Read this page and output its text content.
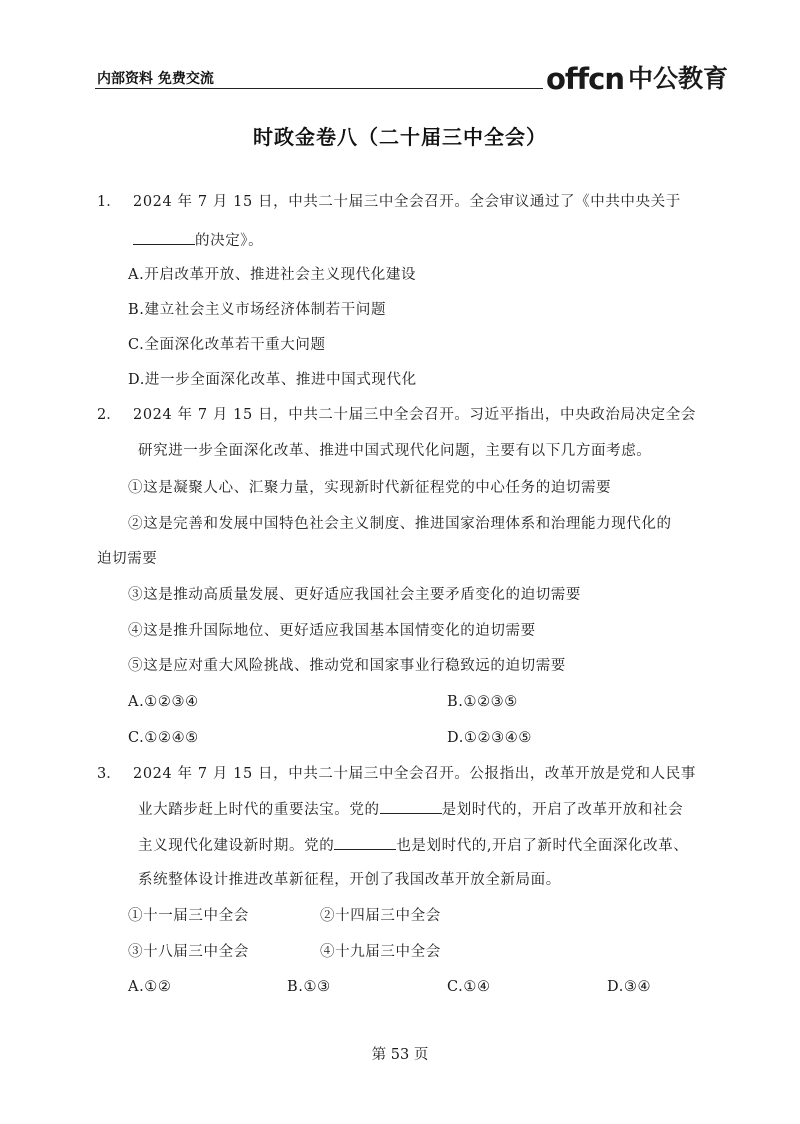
内部资料 免费交流	offcn 中公教育
时政金卷八（二十届三中全会）
1． 2024 年 7 月 15 日，中共二十届三中全会召开。全会审议通过了《中共中央关于
的决定》。
A.开启改革开放、推进社会主义现代化建设
B.建立社会主义市场经济体制若干问题
C.全面深化改革若干重大问题
D.进一步全面深化改革、推进中国式现代化
2． 2024 年 7 月 15 日，中共二十届三中全会召开。习近平指出，中央政治局决定全会
研究进一步全面深化改革、推进中国式现代化问题，主要有以下几方面考虑。
①这是凝聚人心、汇聚力量，实现新时代新征程党的中心任务的迫切需要
②这是完善和发展中国特色社会主义制度、推进国家治理体系和治理能力现代化的
迫切需要
③这是推动高质量发展、更好适应我国社会主要矛盾变化的迫切需要
④这是推升国际地位、更好适应我国基本国情变化的迫切需要
⑤这是应对重大风险挑战、推动党和国家事业行稳致远的迫切需要
A.①②③④	B.①②③⑤
C.①②④⑤	D.①②③④⑤
3． 2024 年 7 月 15 日，中共二十届三中全会召开。公报指出，改革开放是党和人民事
业大踏步赶上时代的重要法宝。党的	是划时代的，开启了改革开放和社会
主义现代化建设新时期。党的	也是划时代的,开启了新时代全面深化改革、
系统整体设计推进改革新征程，开创了我国改革开放全新局面。
①十一届三中全会	②十四届三中全会
③十八届三中全会	④十九届三中全会
A.①②	B.①③	C.①④	D.③④
第 53 页
